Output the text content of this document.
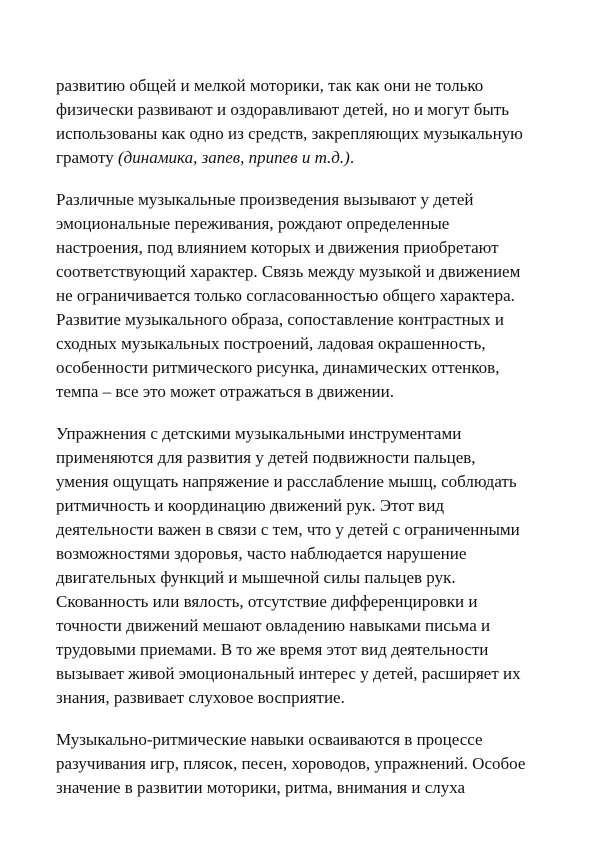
развитию общей и мелкой моторики, так как они не только
физически развивают и оздоравливают детей, но и могут быть
использованы как одно из средств, закрепляющих музыкальную
грамоту (динамика, запев, припев и т.д.).

Различные музыкальные произведения вызывают у детей
эмоциональные переживания, рождают определенные
настроения, под влиянием которых и движения приобретают
соответствующий характер. Связь между музыкой и движением
не ограничивается только согласованностью общего характера.
Развитие музыкального образа, сопоставление контрастных и
сходных музыкальных построений, ладовая окрашенность,
особенности ритмического рисунка, динамических оттенков,
темпа – все это может отражаться в движении.

Упражнения с детскими музыкальными инструментами
применяются для развития у детей подвижности пальцев,
умения ощущать напряжение и расслабление мышц, соблюдать
ритмичность и координацию движений рук. Этот вид
деятельности важен в связи с тем, что у детей с ограниченными
возможностями здоровья, часто наблюдается нарушение
двигательных функций и мышечной силы пальцев рук.
Скованность или вялость, отсутствие дифференцировки и
точности движений мешают овладению навыками письма и
трудовыми приемами. В то же время этот вид деятельности
вызывает живой эмоциональный интерес у детей, расширяет их
знания, развивает слуховое восприятие.

Музыкально-ритмические навыки осваиваются в процессе
разучивания игр, плясок, песен, хороводов, упражнений. Особое
значение в развитии моторики, ритма, внимания и слуха
